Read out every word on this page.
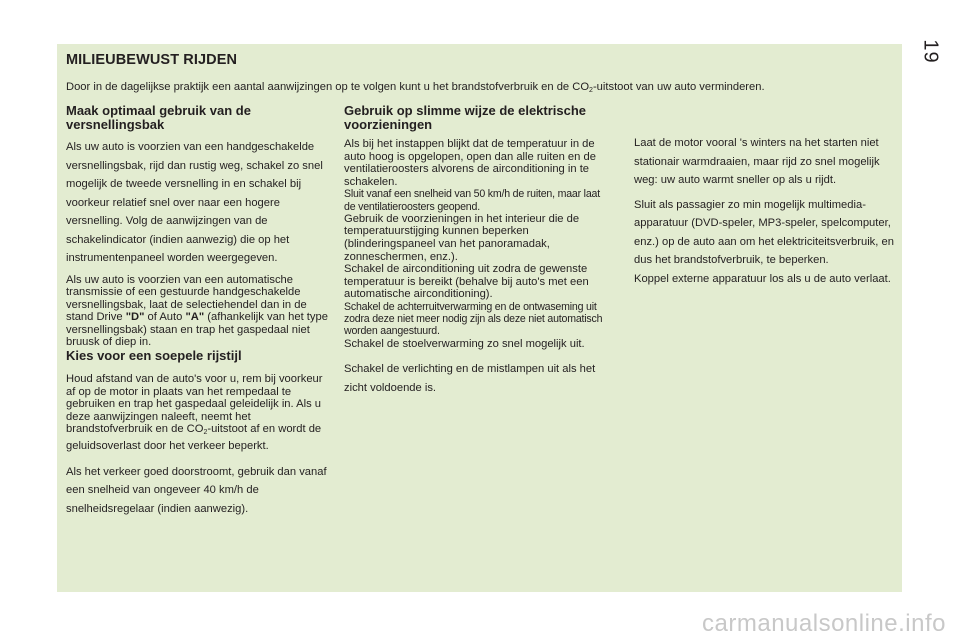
19
MILIEUBEWUST RIJDEN

Door in de dagelijkse praktijk een aantal aanwijzingen op te volgen kunt u het brandstofverbruik en de $CO_2$-uitstoot van uw auto verminderen.

Maak optimaal gebruik van de versnellingsbak

Als uw auto is voorzien van een handgeschakelde versnellingsbak, rijd dan rustig weg, schakel zo snel mogelijk de tweede versnelling in en schakel bij voorkeur relatief snel over naar een hogere versnelling. Volg de aanwijzingen van de schakelindicator (indien aanwezig) die op het instrumentenpaneel worden weergegeven.

Als uw auto is voorzien van een automatische transmissie of een gestuurde handgeschakelde versnellingsbak, laat de selectiehendel dan in de stand Drive "D" of Auto "A" (afhankelijk van het type versnellingsbak) staan en trap het gaspedaal niet bruusk of diep in.

Kies voor een soepele rijstijl

Houd afstand van de auto's voor u, rem bij voorkeur af op de motor in plaats van het rempedaal te gebruiken en trap het gaspedaal geleidelijk in. Als u deze aanwijzingen naleeft, neemt het brandstofverbruik en de $CO_2$-uitstoot af en wordt de geluidsoverlast door het verkeer beperkt.

Als het verkeer goed doorstroomt, gebruik dan vanaf een snelheid van ongeveer 40 km/h de snelheidsregelaar (indien aanwezig).

Gebruik op slimme wijze de elektrische voorzieningen

Als bij het instappen blijkt dat de temperatuur in de auto hoog is opgelopen, open dan alle ruiten en de ventilatieroosters alvorens de airconditioning in te schakelen.

Sluit vanaf een snelheid van 50 km/h de ruiten, maar laat de ventilatieroosters geopend.

Gebruik de voorzieningen in het interieur die de temperatuurstijging kunnen beperken (blinderingspaneel van het panoramadak, zonneschermen, enz.).

Schakel de airconditioning uit zodra de gewenste temperatuur is bereikt (behalve bij auto's met een automatische airconditioning).

Schakel de achterruitverwarming en de ontwaseming uit zodra deze niet meer nodig zijn als deze niet automatisch worden aangestuurd.

Schakel de stoelverwarming zo snel mogelijk uit.

Schakel de verlichting en de mistlampen uit als het zicht voldoende is.

Laat de motor vooral 's winters na het starten niet stationair warmdraaien, maar rijd zo snel mogelijk weg: uw auto warmt sneller op als u rijdt.

Sluit als passagier zo min mogelijk multimedia-apparatuur (DVD-speler, MP3-speler, spelcomputer, enz.) op de auto aan om het elektriciteitsverbruik, en dus het brandstofverbruik, te beperken.

Koppel externe apparatuur los als u de auto verlaat.

carmanualsonline.info
